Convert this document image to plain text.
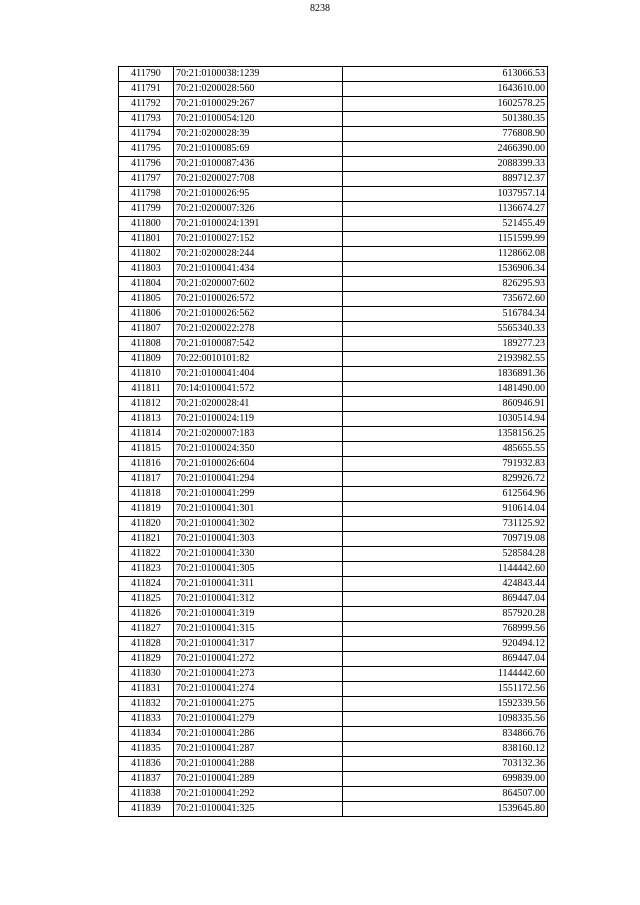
8238
411790	70:21:0100038:1239	613066.53
411791	70:21:0200028:560	1643610.00
411792	70:21:0100029:267	1602578.25
411793	70:21:0100054:120	501380.35
411794	70:21:0200028:39	776808.90
411795	70:21:0100085:69	2466390.00
411796	70:21:0100087:436	2088399.33
411797	70:21:0200027:708	889712.37
411798	70:21:0100026:95	1037957.14
411799	70:21:0200007:326	1136674.27
411800	70:21:0100024:1391	521455.49
411801	70:21:0100027:152	1151599.99
411802	70:21:0200028:244	1128662.08
411803	70:21:0100041:434	1536906.34
411804	70:21:0200007:602	826295.93
411805	70:21:0100026:572	735672.60
411806	70:21:0100026:562	516784.34
411807	70:21:0200022:278	5565340.33
411808	70:21:0100087:542	189277.23
411809	70:22:0010101:82	2193982.55
411810	70:21:0100041:404	1836891.36
411811	70:14:0100041:572	1481490.00
411812	70:21:0200028:41	860946.91
411813	70:21:0100024:119	1030514.94
411814	70:21:0200007:183	1358156.25
411815	70:21:0100024:350	485655.55
411816	70:21:0100026:604	791932.83
411817	70:21:0100041:294	829926.72
411818	70:21:0100041:299	612564.96
411819	70:21:0100041:301	910614.04
411820	70:21:0100041:302	731125.92
411821	70:21:0100041:303	709719.08
411822	70:21:0100041:330	528584.28
411823	70:21:0100041:305	1144442.60
411824	70:21:0100041:311	424843.44
411825	70:21:0100041:312	869447.04
411826	70:21:0100041:319	857920.28
411827	70:21:0100041:315	768999.56
411828	70:21:0100041:317	920494.12
411829	70:21:0100041:272	869447.04
411830	70:21:0100041:273	1144442.60
411831	70:21:0100041:274	1551172.56
411832	70:21:0100041:275	1592339.56
411833	70:21:0100041:279	1098335.56
411834	70:21:0100041:286	834866.76
411835	70:21:0100041:287	838160.12
411836	70:21:0100041:288	703132.36
411837	70:21:0100041:289	699839.00
411838	70:21:0100041:292	864507.00
411839	70:21:0100041:325	1539645.80
